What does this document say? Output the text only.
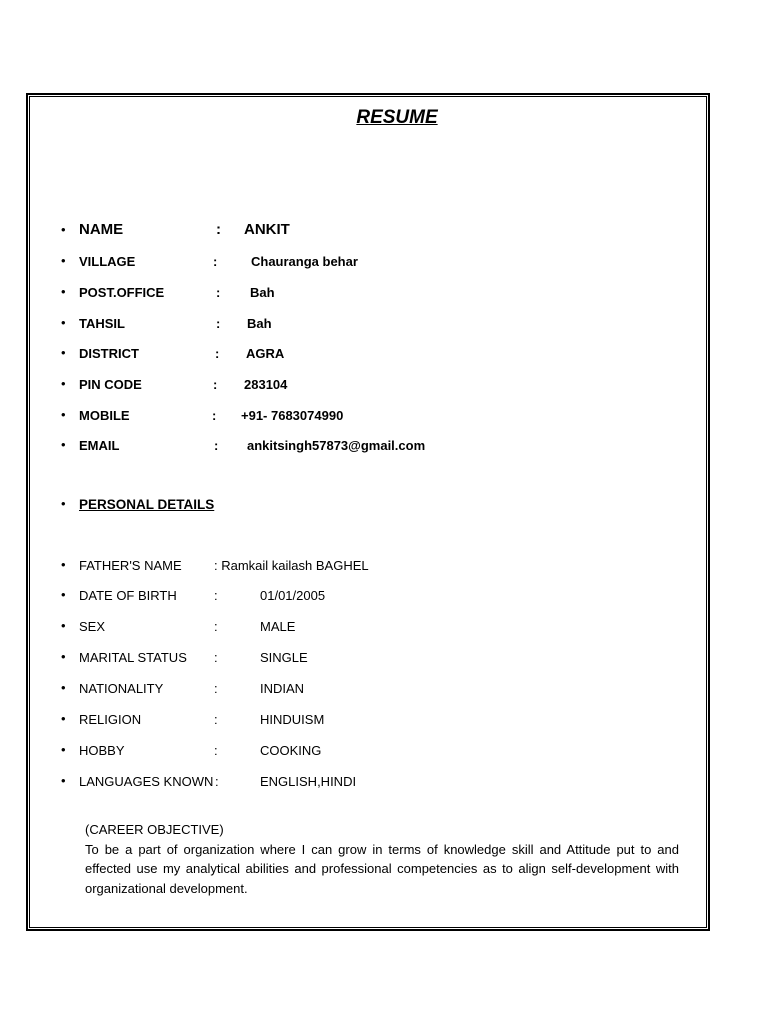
RESUME
• NAME	: ANKIT
• VILLAGE	:	Chauranga behar
• POST.OFFICE	: Bah
• TAHSIL	: Bah
• DISTRICT	: AGRA
• PIN CODE	: 283104
• MOBILE	: +91- 7683074990
• EMAIL	: ankitsingh57873@gmail.com
• PERSONAL DETAILS
• FATHER'S NAME : Ramkail kailash BAGHEL
• DATE OF BIRTH	:	01/01/2005
• SEX	:	MALE
• MARITAL STATUS :	SINGLE
• NATIONALITY	:	INDIAN
• RELIGION	:	HINDUISM
• HOBBY	:	COOKING
• LANGUAGES KNOWN :	ENGLISH,HINDI
(CAREER OBJECTIVE)
To be a part of organization where I can grow in terms of knowledge skill and Attitude put to and effected use my analytical abilities and professional competencies as to align self-development with organizational development.
